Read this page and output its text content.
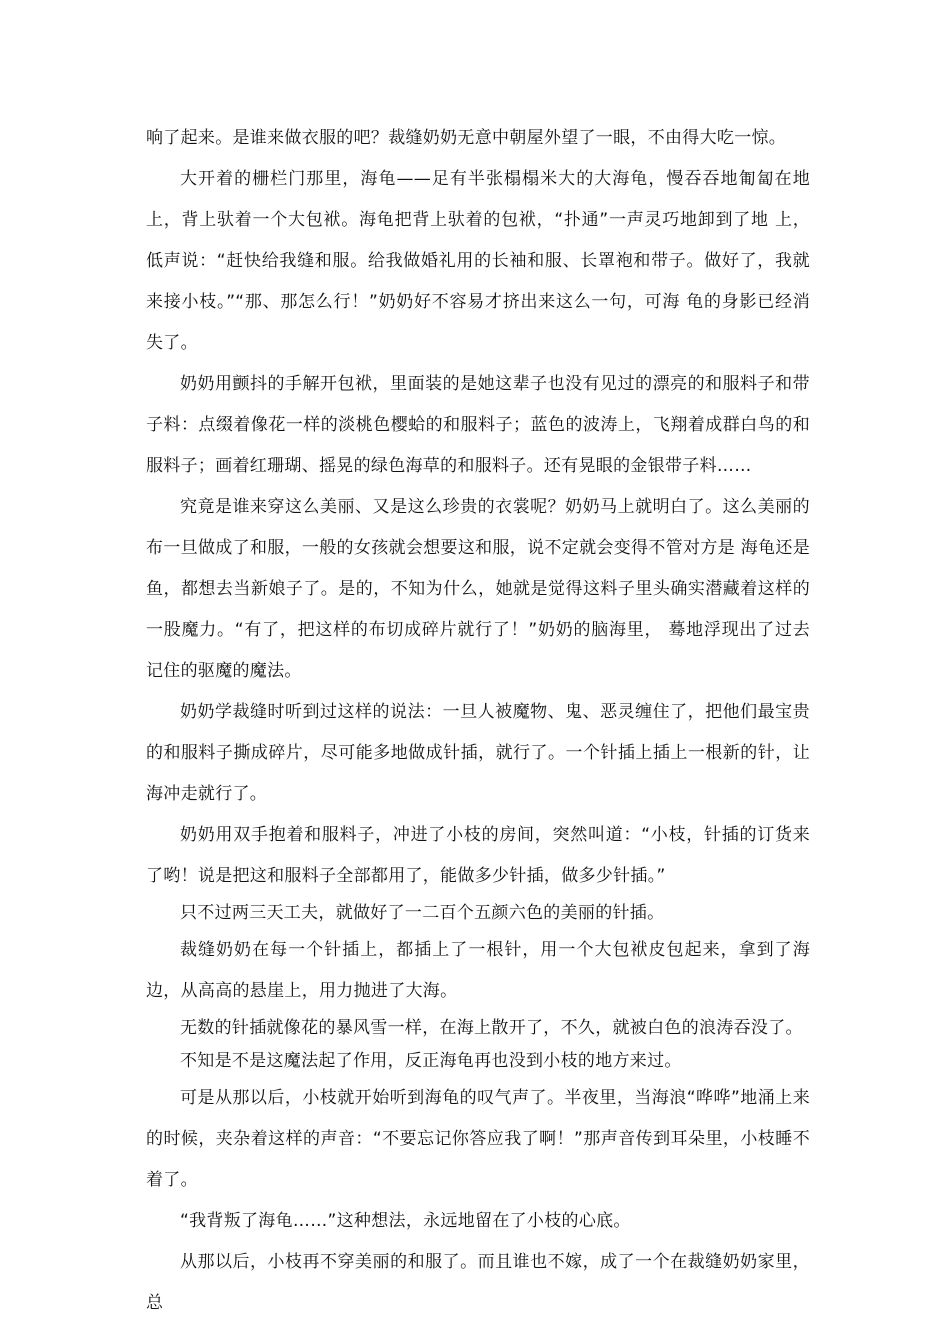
响了起来。是谁来做衣服的吧？裁缝奶奶无意中朝屋外望了一眼，不由得大吃一惊。

大开着的栅栏门那里，海龟——足有半张榻榻米大的大海龟，慢吞吞地匍匐在地上，背上驮着一个大包袱。海龟把背上驮着的包袱，“扑通”一声灵巧地卸到了地 上，低声说：“赶快给我缝和服。给我做婚礼用的长袖和服、长罩袍和带子。做好了，我就来接小枝。”“那、那怎么行！”奶奶好不容易才挤出来这么一句，可海 龟的身影已经消失了。

奶奶用颤抖的手解开包袱，里面装的是她这辈子也没有见过的漂亮的和服料子和带子料：点缀着像花一样的淡桃色樱蛤的和服料子；蓝色的波涛上，飞翔着成群白鸟的和服料子；画着红珊瑚、摇晃的绿色海草的和服料子。还有晃眼的金银带子料……

究竟是谁来穿这么美丽、又是这么珍贵的衣裳呢？奶奶马上就明白了。这么美丽的布一旦做成了和服，一般的女孩就会想要这和服，说不定就会变得不管对方是 海龟还是鱼，都想去当新娘子了。是的，不知为什么，她就是觉得这料子里头确实潜藏着这样的一股魔力。“有了，把这样的布切成碎片就行了！”奶奶的脑海里， 蓦地浮现出了过去记住的驱魔的魔法。

奶奶学裁缝时听到过这样的说法：一旦人被魔物、鬼、恶灵缠住了，把他们最宝贵的和服料子撕成碎片，尽可能多地做成针插，就行了。一个针插上插上一根新的针，让海冲走就行了。

奶奶用双手抱着和服料子，冲进了小枝的房间，突然叫道：“小枝，针插的订货来了哟！说是把这和服料子全部都用了，能做多少针插，做多少针插。”

只不过两三天工夫，就做好了一二百个五颜六色的美丽的针插。

裁缝奶奶在每一个针插上，都插上了一根针，用一个大包袱皮包起来，拿到了海边，从高高的悬崖上，用力抛进了大海。

无数的针插就像花的暴风雪一样，在海上散开了，不久，就被白色的浪涛吞没了。

不知是不是这魔法起了作用，反正海龟再也没到小枝的地方来过。

可是从那以后，小枝就开始听到海龟的叹气声了。半夜里，当海浪“哗哗”地涌上来的时候，夹杂着这样的声音：“不要忘记你答应我了啊！”那声音传到耳朵里，小枝睡不着了。

“我背叛了海龟……”这种想法，永远地留在了小枝的心底。

从那以后，小枝再不穿美丽的和服了。而且谁也不嫁，成了一个在裁缝奶奶家里，总
